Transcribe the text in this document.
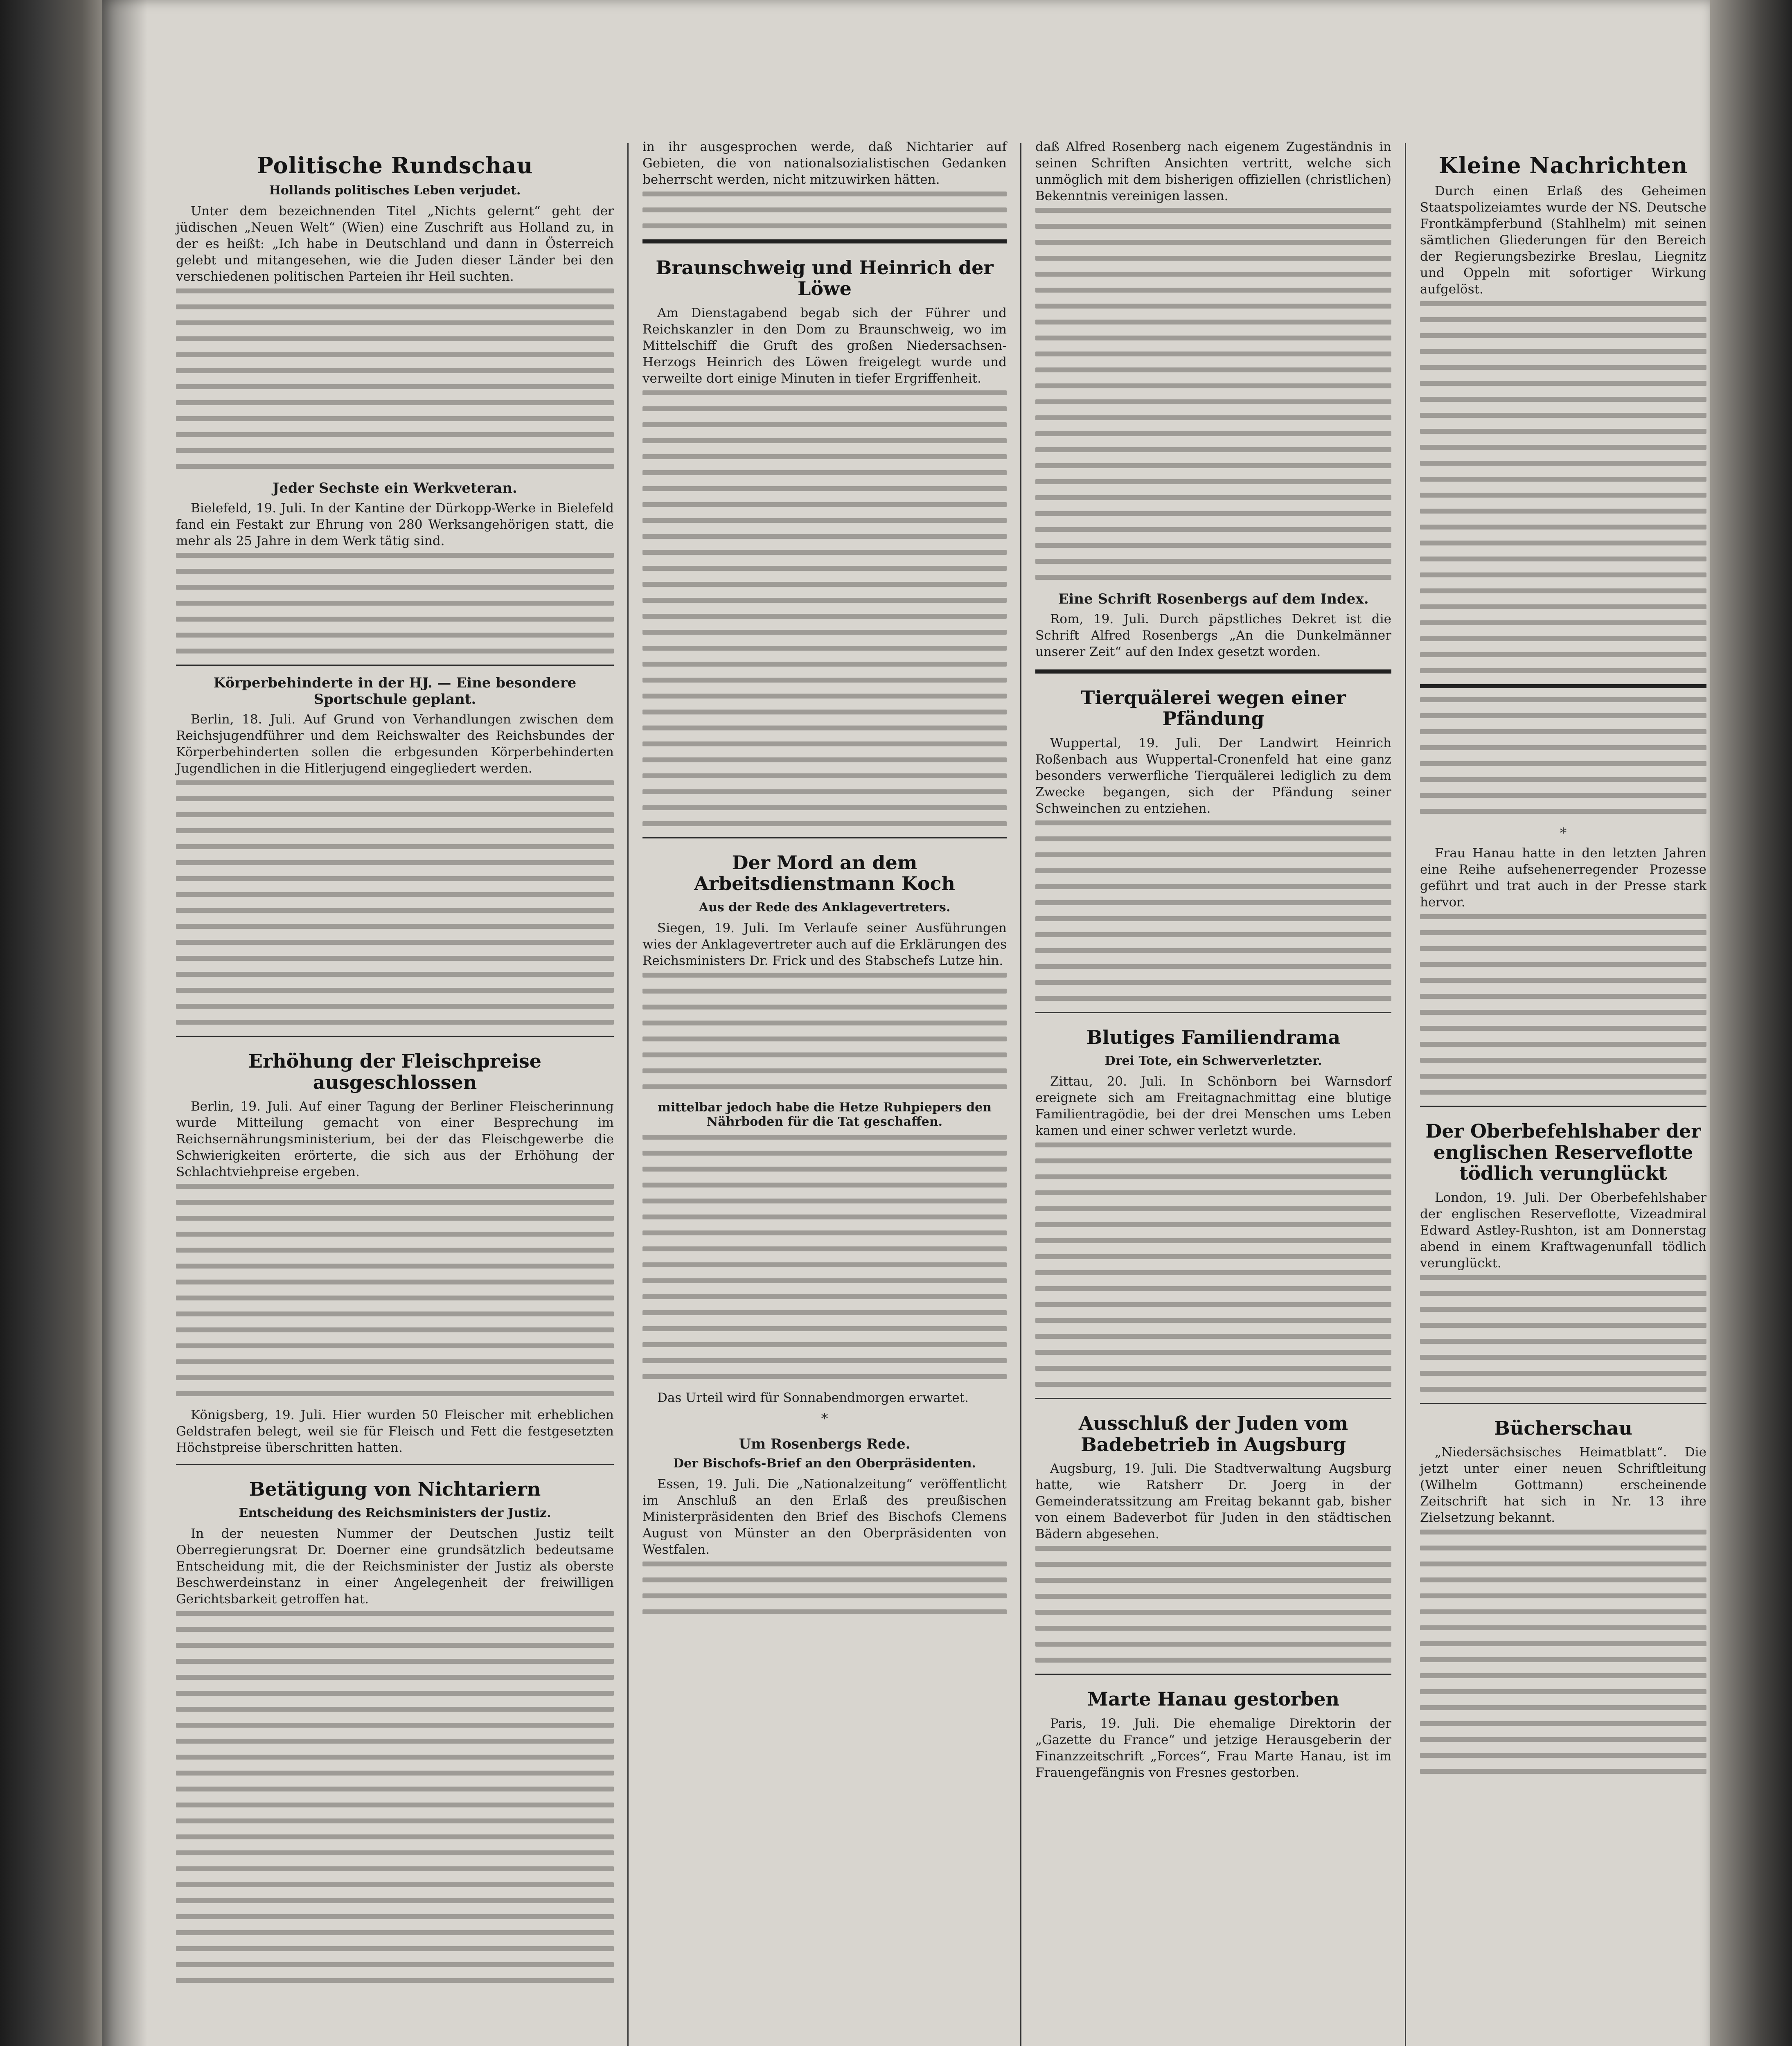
Politische Rundschau
Hollands politisches Leben verjudet.

Unter dem bezeichnenden Titel „Nichts gelernt“ geht der jüdischen „Neuen Welt“ (Wien) eine Zuschrift aus Holland zu, in der es heißt: „Ich habe in Deutschland und dann in Österreich gelebt und mitangesehen, wie die Juden dieser Länder bei den verschiedenen politischen Parteien ihr Heil suchten.

Jeder Sechste ein Werkveteran.

Bielefeld, 19. Juli. In der Kantine der Dürkopp-Werke in Bielefeld fand ein Festakt zur Ehrung von 280 Werksangehörigen statt, die mehr als 25 Jahre in dem Werk tätig sind.

Körperbehinderte in der HJ. — Eine besondere Sportschule geplant.

Berlin, 18. Juli. Auf Grund von Verhandlungen zwischen dem Reichsjugendführer und dem Reichswalter des Reichsbundes der Körperbehinderten sollen die erbgesunden Körperbehinderten Jugendlichen in die Hitlerjugend eingegliedert werden.

Erhöhung der Fleischpreise ausgeschlossen

Berlin, 19. Juli. Auf einer Tagung der Berliner Fleischerinnung wurde Mitteilung gemacht von einer Besprechung im Reichsernährungsministerium, bei der das Fleischgewerbe die Schwierigkeiten erörterte, die sich aus der Erhöhung der Schlachtviehpreise ergeben.

Königsberg, 19. Juli. Hier wurden 50 Fleischer mit erheblichen Geldstrafen belegt, weil sie für Fleisch und Fett die festgesetzten Höchstpreise überschritten hatten.

Betätigung von Nichtariern
Entscheidung des Reichsministers der Justiz.

In der neuesten Nummer der Deutschen Justiz teilt Oberregierungsrat Dr. Doerner eine grundsätzlich bedeutsame Entscheidung mit, die der Reichsminister der Justiz als oberste Beschwerdeinstanz in einer Angelegenheit der freiwilligen Gerichtsbarkeit getroffen hat.

in ihr ausgesprochen werde, daß Nichtarier auf Gebieten, die von nationalsozialistischen Gedanken beherrscht werden, nicht mitzuwirken hätten.

Braunschweig und Heinrich der Löwe

Am Dienstagabend begab sich der Führer und Reichskanzler in den Dom zu Braunschweig, wo im Mittelschiff die Gruft des großen Niedersachsen-Herzogs Heinrich des Löwen freigelegt wurde und verweilte dort einige Minuten in tiefer Ergriffenheit.

Der Mord an dem Arbeitsdienstmann Koch
Aus der Rede des Anklagevertreters.

Siegen, 19. Juli. Im Verlaufe seiner Ausführungen wies der Anklagevertreter auch auf die Erklärungen des Reichsministers Dr. Frick und des Stabschefs Lutze hin.

mittelbar jedoch habe die Hetze Ruhpiepers den Nährboden für die Tat geschaffen.

Das Urteil wird für Sonnabendmorgen erwartet.

*
Um Rosenbergs Rede.
Der Bischofs-Brief an den Oberpräsidenten.

Essen, 19. Juli. Die „Nationalzeitung“ veröffentlicht im Anschluß an den Erlaß des preußischen Ministerpräsidenten den Brief des Bischofs Clemens August von Münster an den Oberpräsidenten von Westfalen.

daß Alfred Rosenberg nach eigenem Zugeständnis in seinen Schriften Ansichten vertritt, welche sich unmöglich mit dem bisherigen offiziellen (christlichen) Bekenntnis vereinigen lassen.

Eine Schrift Rosenbergs auf dem Index.

Rom, 19. Juli. Durch päpstliches Dekret ist die Schrift Alfred Rosenbergs „An die Dunkelmänner unserer Zeit“ auf den Index gesetzt worden.

Tierquälerei wegen einer Pfändung

Wuppertal, 19. Juli. Der Landwirt Heinrich Roßenbach aus Wuppertal-Cronenfeld hat eine ganz besonders verwerfliche Tierquälerei lediglich zu dem Zwecke begangen, sich der Pfändung seiner Schweinchen zu entziehen.

Blutiges Familiendrama
Drei Tote, ein Schwerverletzter.

Zittau, 20. Juli. In Schönborn bei Warnsdorf ereignete sich am Freitagnachmittag eine blutige Familientragödie, bei der drei Menschen ums Leben kamen und einer schwer verletzt wurde.

Ausschluß der Juden vom Badebetrieb in Augsburg

Augsburg, 19. Juli. Die Stadtverwaltung Augsburg hatte, wie Ratsherr Dr. Joerg in der Gemeinderatssitzung am Freitag bekannt gab, bisher von einem Badeverbot für Juden in den städtischen Bädern abgesehen.

Marte Hanau gestorben

Paris, 19. Juli. Die ehemalige Direktorin der „Gazette du France“ und jetzige Herausgeberin der Finanzzeitschrift „Forces“, Frau Marte Hanau, ist im Frauengefängnis von Fresnes gestorben.

Kleine Nachrichten

Durch einen Erlaß des Geheimen Staatspolizeiamtes wurde der NS. Deutsche Frontkämpferbund (Stahlhelm) mit seinen sämtlichen Gliederungen für den Bereich der Regierungsbezirke Breslau, Liegnitz und Oppeln mit sofortiger Wirkung aufgelöst.

*

Frau Hanau hatte in den letzten Jahren eine Reihe aufsehenerregender Prozesse geführt und trat auch in der Presse stark hervor.

Der Oberbefehlshaber der englischen Reserveflotte tödlich verunglückt

London, 19. Juli. Der Oberbefehlshaber der englischen Reserveflotte, Vizeadmiral Edward Astley-Rushton, ist am Donnerstag abend in einem Kraftwagenunfall tödlich verunglückt.

Bücherschau

„Niedersächsisches Heimatblatt“. Die jetzt unter einer neuen Schriftleitung (Wilhelm Gottmann) erscheinende Zeitschrift hat sich in Nr. 13 ihre Zielsetzung bekannt.
